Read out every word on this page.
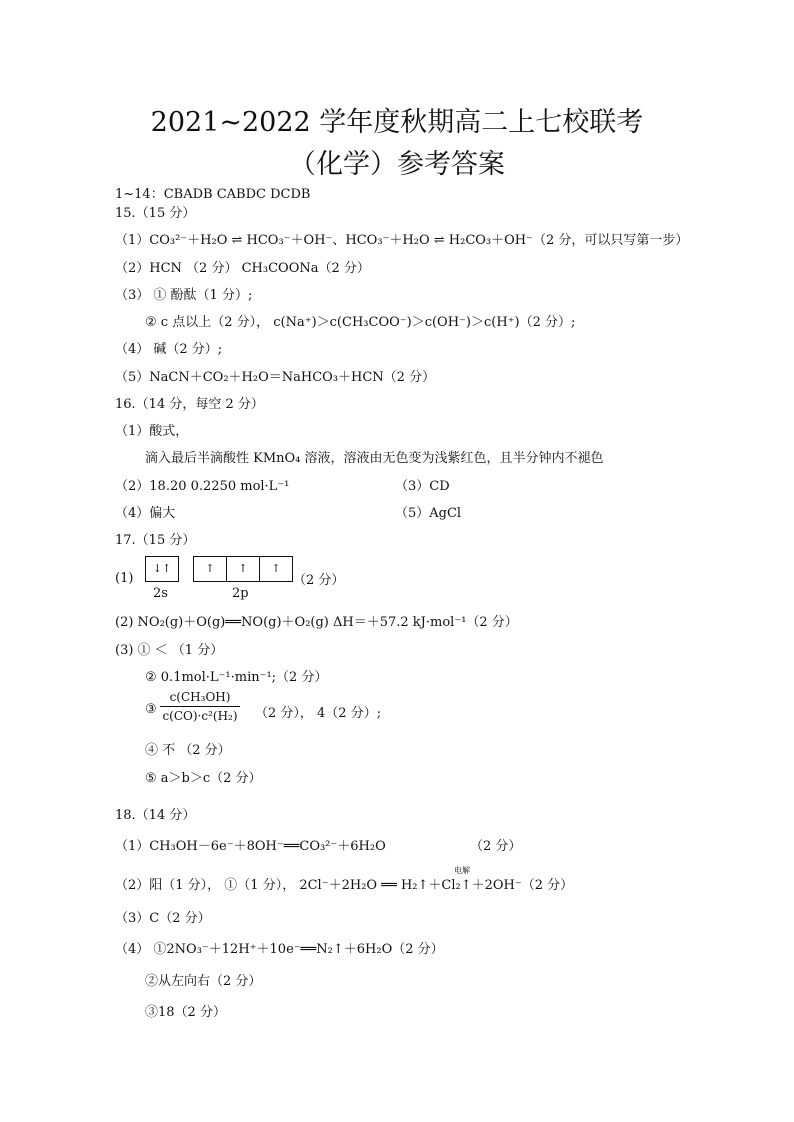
2021~2022 学年度秋期高二上七校联考
（化学）参考答案
1~14：CBADB CABDC DCDB
15.（15 分）
（1）CO₃²⁻＋H₂O ⇌ HCO₃⁻＋OH⁻、HCO₃⁻＋H₂O ⇌ H₂CO₃＋OH⁻（2 分，可以只写第一步）
（2）HCN （2 分） CH₃COONa（2 分）
（3） ① 酚酞（1 分）;
② c 点以上（2 分）， c(Na⁺)＞c(CH₃COO⁻)＞c(OH⁻)＞c(H⁺)（2 分）;
（4） 碱（2 分）;
（5）NaCN＋CO₂＋H₂O＝NaHCO₃＋HCN（2 分）
16.（14 分，每空 2 分）
（1）酸式，
滴入最后半滴酸性 KMnO₄ 溶液，溶液由无色变为浅紫红色，且半分钟内不褪色
（2）18.20 0.2250 mol·L⁻¹	（3）CD
（4）偏大	（5）AgCl
17.（15 分）
(1)
↓↑	↑	↑	↑
（2 分）
2s	2p
(2) NO₂(g)＋O(g)══NO(g)＋O₂(g) ΔH＝＋57.2 kJ·mol⁻¹（2 分）
(3) ① ＜ （1 分）
② 0.1mol·L⁻¹·min⁻¹;（2 分）
③
c(CH₃OH)
c(CO)·c²(H₂) （2 分）， 4（2 分）;
④ 不 （2 分）
⑤ a＞b＞c（2 分）
18.（14 分）
（1）CH₃OH－6e⁻＋8OH⁻══CO₃²⁻＋6H₂O	（2 分）
电解
（2）阳（1 分）， ①（1 分）， 2Cl⁻＋2H₂O ══ H₂↑＋Cl₂↑＋2OH⁻（2 分）
（3）C（2 分）
（4） ①2NO₃⁻＋12H⁺＋10e⁻══N₂↑＋6H₂O（2 分）
②从左向右（2 分）
③18（2 分）
